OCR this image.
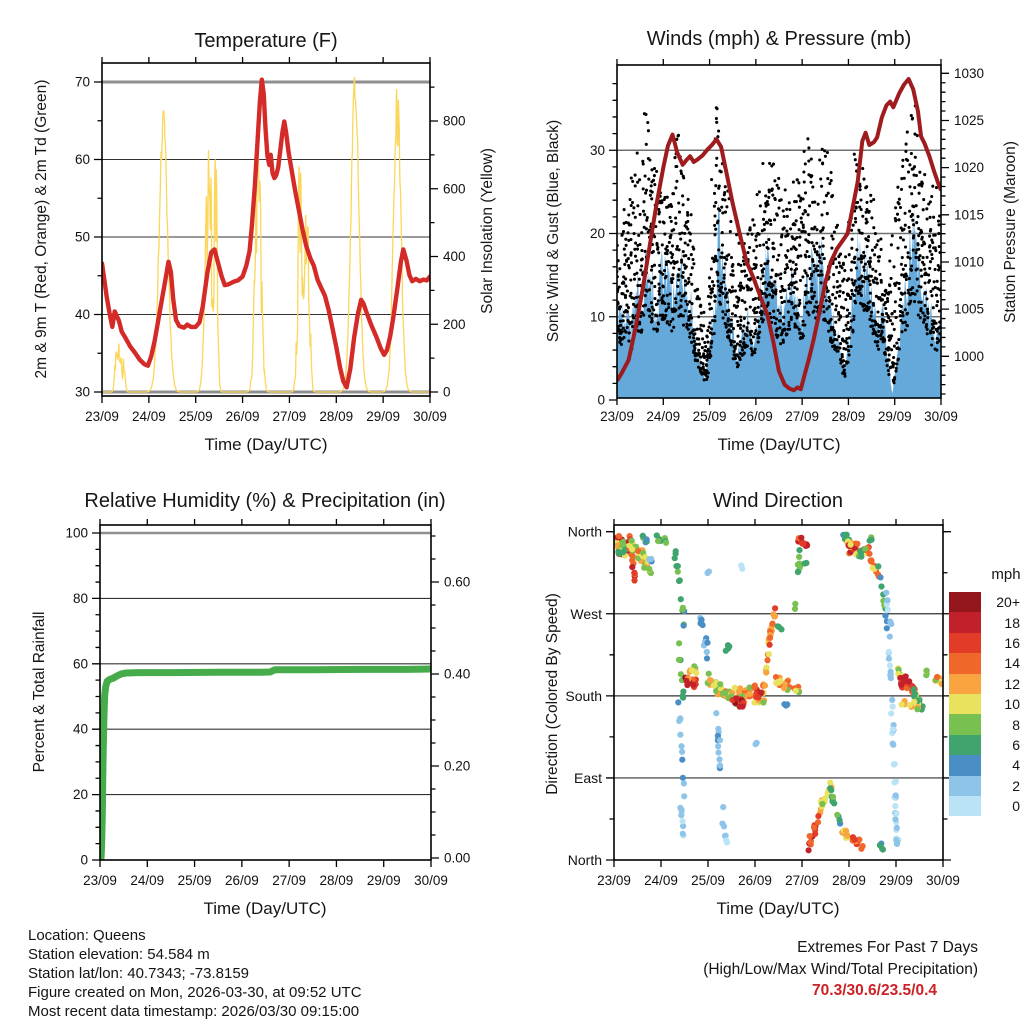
30
40
50
60
70
0
200
400
600
800
23/09 24/09 25/09 26/09 27/09 28/09 29/09 30/09
0
10
20
30
1000
1005
1010
1015
1020
1025
1030
23/09 24/09 25/09 26/09 27/09 28/09 29/09 30/09
0
20
40
60
80
100
0.00
0.20
0.40
0.60
23/09 24/09 25/09 26/09 27/09 28/09 29/09 30/09
North
West
South
East
North
23/09 24/09 25/09 26/09 27/09 28/09 29/09 30/09
Temperature (F)	Winds (mph) & Pressure (mb)
Relative Humidity (%) & Precipitation (in)	Wind Direction
Time (Day/UTC)	Time (Day/UTC)
Time (Day/UTC)	Time (Day/UTC)
2m & 9m T (Red, Orange) & 2m Td (Green)	Solar Insolation (Yellow)	Sonic Wind & Gust (Blue, Black)	Station Pressure (Maroon)
Percent & Total Rainfall	Direction (Colored By Speed)
mph
20+
18
16
14
12
10
8
6
4
2
0
Location: Queens
Station elevation: 54.584 m
Station lat/lon: 40.7343; -73.8159
Figure created on Mon, 2026-03-30, at 09:52 UTC
Most recent data timestamp: 2026/03/30 09:15:00
Extremes For Past 7 Days
(High/Low/Max Wind/Total Precipitation)
70.3/30.6/23.5/0.4
